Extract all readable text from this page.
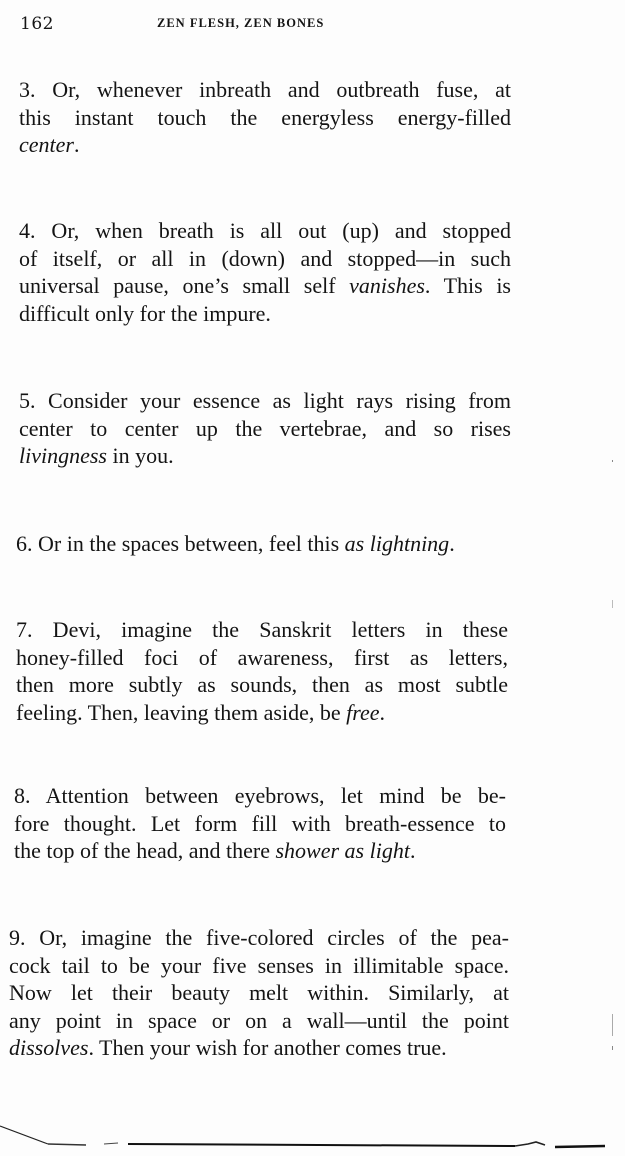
162	ZEN FLESH, ZEN BONES

3. Or, whenever inbreath and outbreath fuse, at
this instant touch the energyless energy-filled
center.

4. Or, when breath is all out (up) and stopped
of itself, or all in (down) and stopped—in such
universal pause, one’s small self vanishes. This is
difficult only for the impure.

5. Consider your essence as light rays rising from
center to center up the vertebrae, and so rises
livingness in you.

6. Or in the spaces between, feel this as lightning.

7. Devi, imagine the Sanskrit letters in these
honey-filled foci of awareness, first as letters,
then more subtly as sounds, then as most subtle
feeling. Then, leaving them aside, be free.

8. Attention between eyebrows, let mind be be-
fore thought. Let form fill with breath-essence to
the top of the head, and there shower as light.

9. Or, imagine the five-colored circles of the pea-
cock tail to be your five senses in illimitable space.
Now let their beauty melt within. Similarly, at
any point in space or on a wall—until the point
dissolves. Then your wish for another comes true.
